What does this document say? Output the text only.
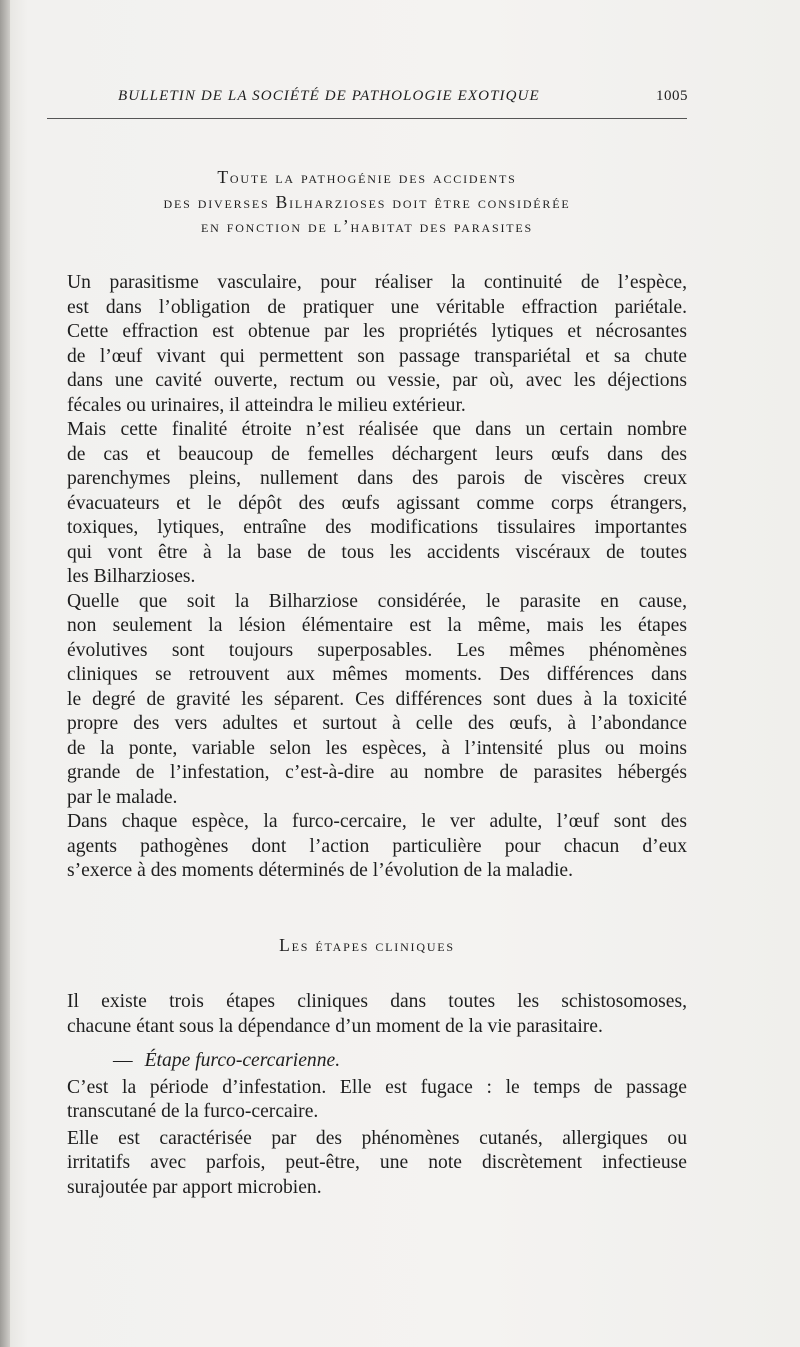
BULLETIN DE LA SOCIÉTÉ DE PATHOLOGIE EXOTIQUE	1005
Toute la pathogénie des accidents
des diverses Bilharzioses doit être considérée
en fonction de l’habitat des parasites

Un parasitisme vasculaire, pour réaliser la continuité de l’espèce,
est dans l’obligation de pratiquer une véritable effraction pariétale.
Cette effraction est obtenue par les propriétés lytiques et nécrosantes
de l’œuf vivant qui permettent son passage transpariétal et sa chute
dans une cavité ouverte, rectum ou vessie, par où, avec les déjections
fécales ou urinaires, il atteindra le milieu extérieur.

Mais cette finalité étroite n’est réalisée que dans un certain nombre
de cas et beaucoup de femelles déchargent leurs œufs dans des
parenchymes pleins, nullement dans des parois de viscères creux
évacuateurs et le dépôt des œufs agissant comme corps étrangers,
toxiques, lytiques, entraîne des modifications tissulaires importantes
qui vont être à la base de tous les accidents viscéraux de toutes
les Bilharzioses.

Quelle que soit la Bilharziose considérée, le parasite en cause,
non seulement la lésion élémentaire est la même, mais les étapes
évolutives sont toujours superposables. Les mêmes phénomènes
cliniques se retrouvent aux mêmes moments. Des différences dans
le degré de gravité les séparent. Ces différences sont dues à la toxicité
propre des vers adultes et surtout à celle des œufs, à l’abondance
de la ponte, variable selon les espèces, à l’intensité plus ou moins
grande de l’infestation, c’est-à-dire au nombre de parasites hébergés
par le malade.

Dans chaque espèce, la furco-cercaire, le ver adulte, l’œuf sont des
agents pathogènes dont l’action particulière pour chacun d’eux
s’exerce à des moments déterminés de l’évolution de la maladie.

Les étapes cliniques

Il existe trois étapes cliniques dans toutes les schistosomoses,
chacune étant sous la dépendance d’un moment de la vie parasitaire.

— Étape furco-cercarienne.

C’est la période d’infestation. Elle est fugace : le temps de passage
transcutané de la furco-cercaire.

Elle est caractérisée par des phénomènes cutanés, allergiques ou
irritatifs avec parfois, peut-être, une note discrètement infectieuse
surajoutée par apport microbien.
